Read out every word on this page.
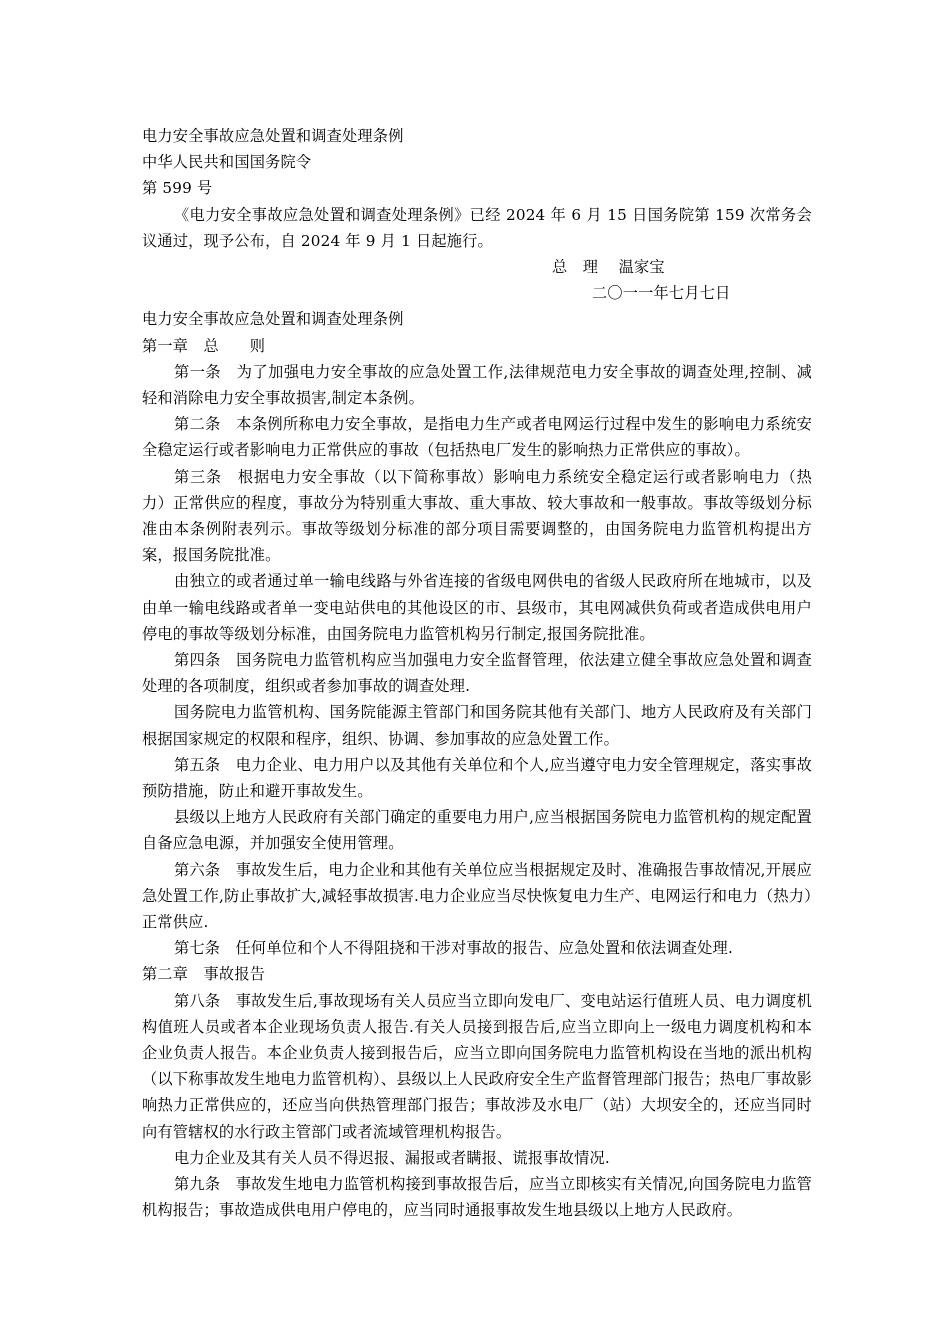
电力安全事故应急处置和调查处理条例
中华人民共和国国务院令
第 599 号
《电力安全事故应急处置和调查处理条例》已经 2024 年 6 月 15 日国务院第 159 次常务会议通过，现予公布，自 2024 年 9 月 1 日起施行。
总　理　 温家宝
二〇一一年七月七日
电力安全事故应急处置和调查处理条例
第一章　总　　则
第一条　为了加强电力安全事故的应急处置工作,法律规范电力安全事故的调查处理,控制、减轻和消除电力安全事故损害,制定本条例。
第二条　本条例所称电力安全事故，是指电力生产或者电网运行过程中发生的影响电力系统安全稳定运行或者影响电力正常供应的事故（包括热电厂发生的影响热力正常供应的事故）。
第三条　根据电力安全事故（以下简称事故）影响电力系统安全稳定运行或者影响电力（热力）正常供应的程度，事故分为特别重大事故、重大事故、较大事故和一般事故。事故等级划分标准由本条例附表列示。事故等级划分标准的部分项目需要调整的，由国务院电力监管机构提出方案，报国务院批准。
由独立的或者通过单一输电线路与外省连接的省级电网供电的省级人民政府所在地城市，以及由单一输电线路或者单一变电站供电的其他设区的市、县级市，其电网减供负荷或者造成供电用户停电的事故等级划分标准，由国务院电力监管机构另行制定,报国务院批准。
第四条　国务院电力监管机构应当加强电力安全监督管理，依法建立健全事故应急处置和调查处理的各项制度，组织或者参加事故的调查处理.
国务院电力监管机构、国务院能源主管部门和国务院其他有关部门、地方人民政府及有关部门根据国家规定的权限和程序，组织、协调、参加事故的应急处置工作。
第五条　电力企业、电力用户以及其他有关单位和个人,应当遵守电力安全管理规定，落实事故预防措施，防止和避开事故发生。
县级以上地方人民政府有关部门确定的重要电力用户,应当根据国务院电力监管机构的规定配置自备应急电源，并加强安全使用管理。
第六条　事故发生后，电力企业和其他有关单位应当根据规定及时、准确报告事故情况,开展应急处置工作,防止事故扩大,减轻事故损害.电力企业应当尽快恢复电力生产、电网运行和电力（热力）正常供应.
第七条　任何单位和个人不得阻挠和干涉对事故的报告、应急处置和依法调查处理.
第二章　事故报告
第八条　事故发生后,事故现场有关人员应当立即向发电厂、变电站运行值班人员、电力调度机构值班人员或者本企业现场负责人报告.有关人员接到报告后,应当立即向上一级电力调度机构和本企业负责人报告。本企业负责人接到报告后，应当立即向国务院电力监管机构设在当地的派出机构（以下称事故发生地电力监管机构）、县级以上人民政府安全生产监督管理部门报告；热电厂事故影响热力正常供应的，还应当向供热管理部门报告；事故涉及水电厂（站）大坝安全的，还应当同时向有管辖权的水行政主管部门或者流域管理机构报告。
电力企业及其有关人员不得迟报、漏报或者瞒报、谎报事故情况.
第九条　事故发生地电力监管机构接到事故报告后，应当立即核实有关情况,向国务院电力监管机构报告；事故造成供电用户停电的，应当同时通报事故发生地县级以上地方人民政府。
